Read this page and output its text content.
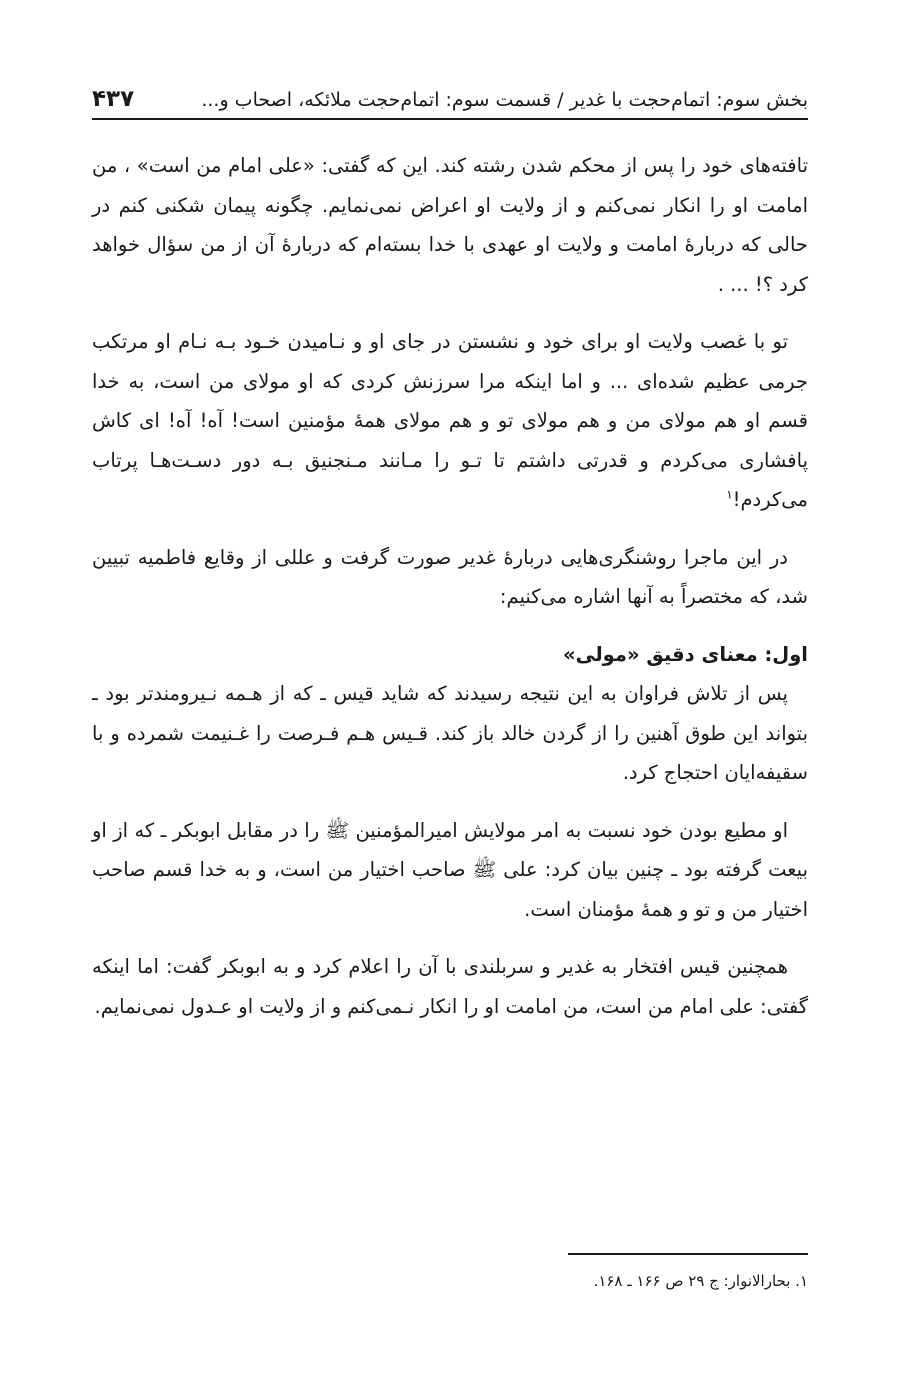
بخش سوم: اتمام‌حجت با غدیر / قسمت سوم: اتمام‌حجت ملائکه، اصحاب و...
۴۳۷

تافته‌های خود را پس از محکم شدن رشته کند. این که گفتی: «علی امام من است» ، من امامت او را انکار نمی‌کنم و از ولایت او اعراض نمی‌نمایم. چگونه پیمان شکنی کنم در حالی که دربارهٔ امامت و ولایت او عهدی با خدا بسته‌ام که دربارهٔ آن از من سؤال خواهد کرد ؟! ... .

تو با غصب ولایت او برای خود و نشستن در جای او و نـامیدن خـود بـه نـام او مرتکب جرمی عظیم شده‌ای ... و اما اینکه مرا سرزنش کردی که او مولای من است، به خدا قسم او هم مولای من و هم مولای تو و هم مولای همهٔ مؤمنین است! آه! آه! ای کاش پافشاری می‌کردم و قدرتی داشتم تا تـو را مـانند مـنجنیق بـه دور دسـت‌هـا پرتاب می‌کردم!$^۱$

در این ماجرا روشنگری‌هایی دربارهٔ غدیر صورت گرفت و عللی از وقایع فاطمیه تبیین شد، که مختصراً به آنها اشاره می‌کنیم:

اول: معنای دقیق «مولی»

پس از تلاش فراوان به این نتیجه رسیدند که شاید قیس ـ که از هـمه نـیرومندتر بود ـ بتواند این طوق آهنین را از گردن خالد باز کند. قـیس هـم فـرصت را غـنیمت شمرده و با سقیفه‌ایان احتجاج کرد.

او مطیع بودن خود نسبت به امر مولایش امیرالمؤمنین ﷺ را در مقابل ابوبکر ـ که از او بیعت گرفته بود ـ چنین بیان کرد: علی ﷺ صاحب اختیار من است، و به خدا قسم صاحب اختیار من و تو و همهٔ مؤمنان است.

همچنین قیس افتخار به غدیر و سربلندی با آن را اعلام کرد و به ابوبکر گفت: اما اینکه گفتی: علی امام من است، من امامت او را انکار نـمی‌کنم و از ولایت او عـدول نمی‌نمایم.

۱. بحارالانوار: ج ۲۹ ص ۱۶۶ ـ ۱۶۸.
